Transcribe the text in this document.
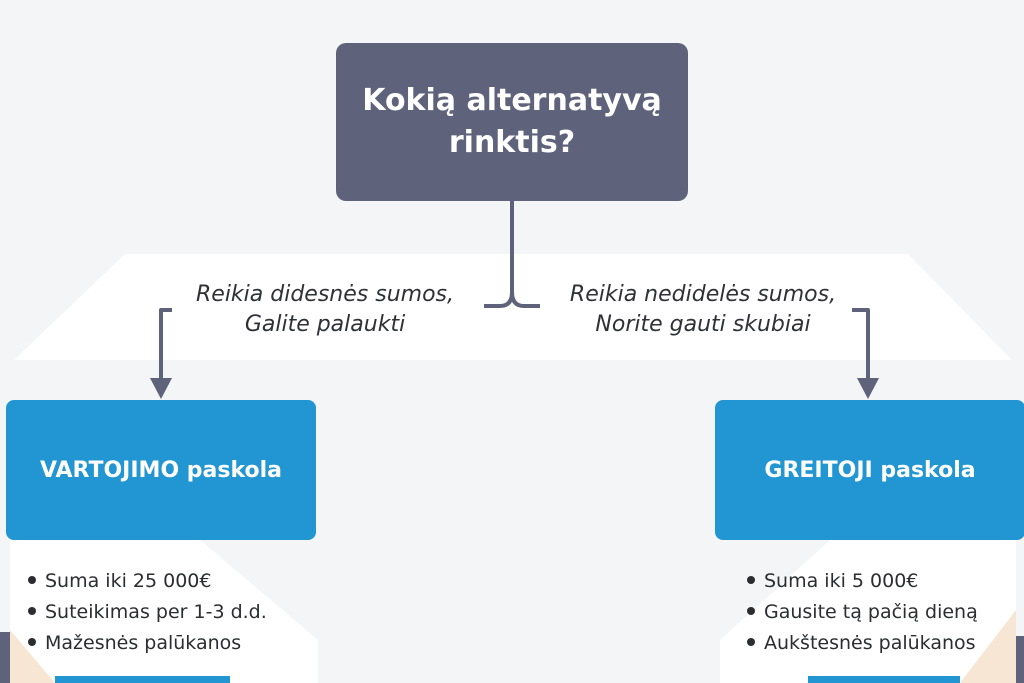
Kokią alternatyvą
rinktis?
Reikia didesnės sumos,
Galite palaukti
Reikia nedidelės sumos,
Norite gauti skubiai
VARTOJIMO paskola	GREITOJI paskola
Suma iki 25 000€
Suteikimas per 1-3 d.d.
Mažesnės palūkanos
Suma iki 5 000€
Gausite tą pačią dieną
Aukštesnės palūkanos
